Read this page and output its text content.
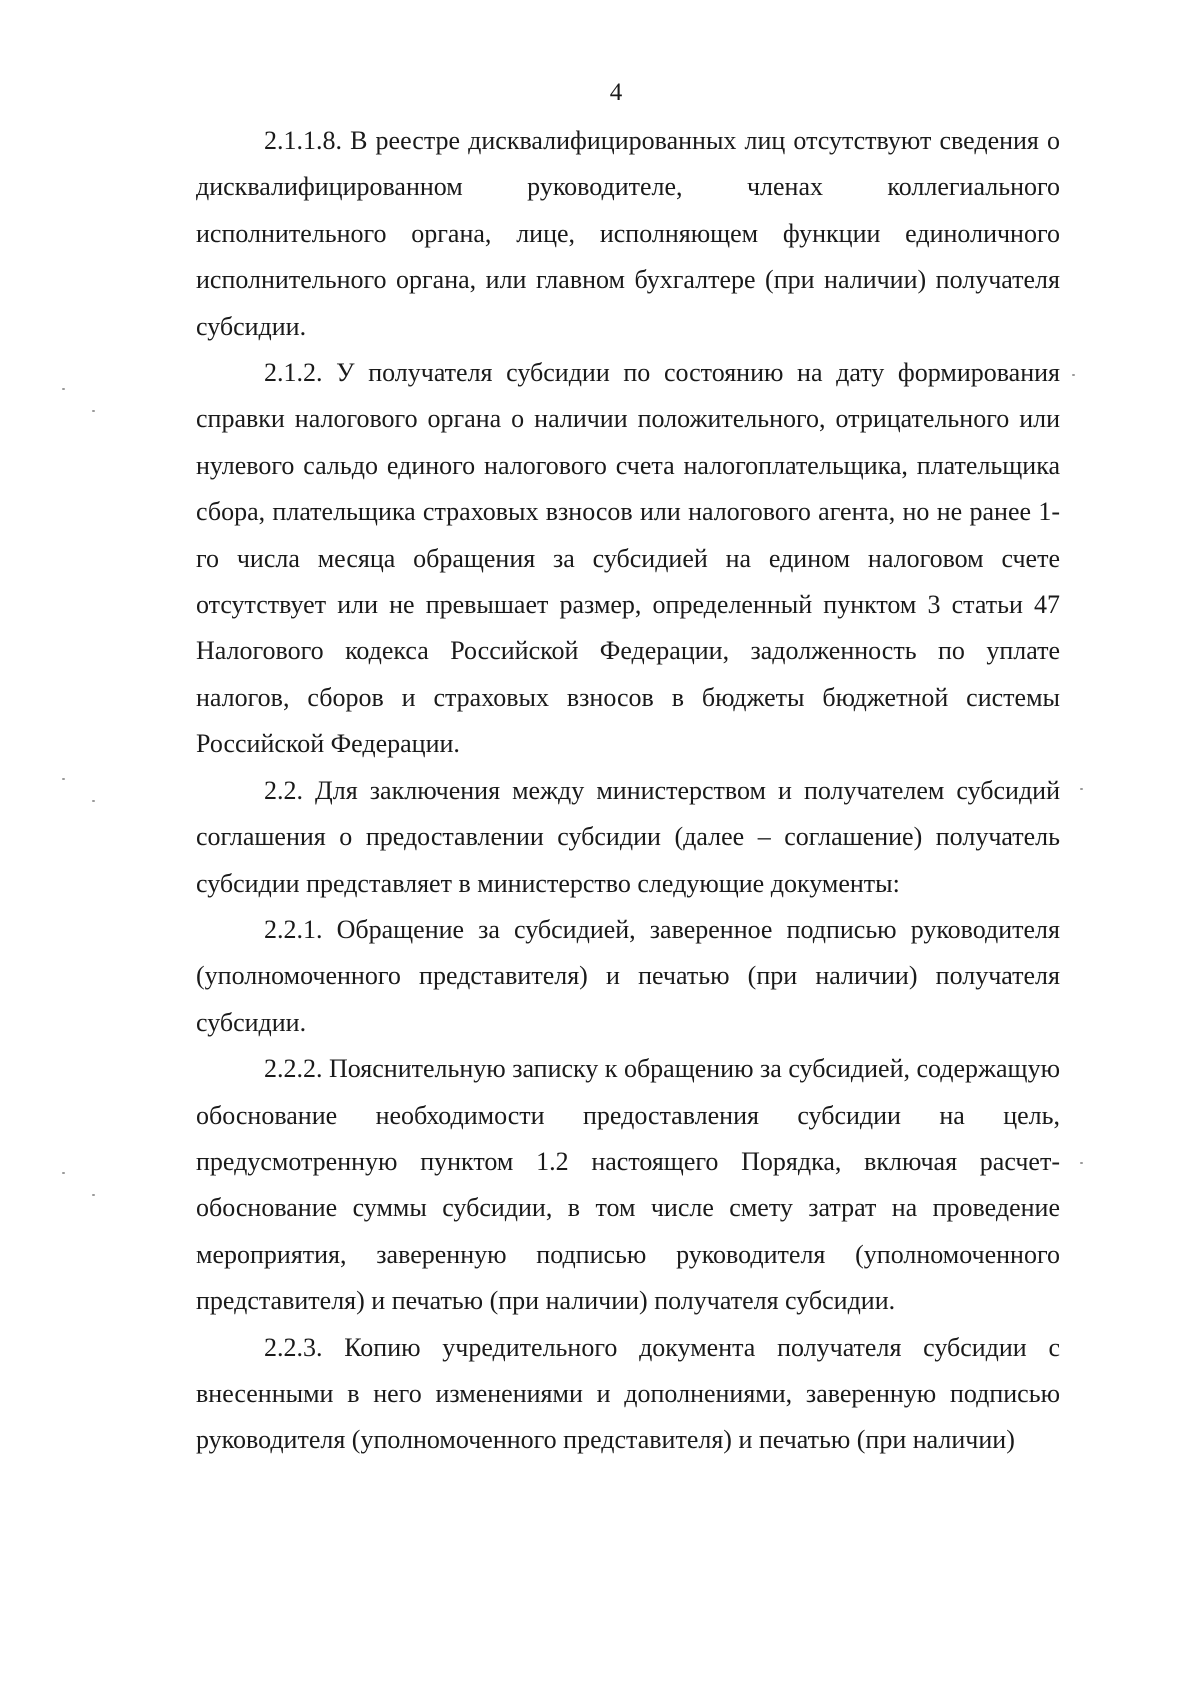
4

2.1.1.8. В реестре дисквалифицированных лиц отсутствуют сведения о дисквалифицированном руководителе, членах коллегиального исполнительного органа, лице, исполняющем функции единоличного исполнительного органа, или главном бухгалтере (при наличии) получателя субсидии.

2.1.2. У получателя субсидии по состоянию на дату формирования справки налогового органа о наличии положительного, отрицательного или нулевого сальдо единого налогового счета налогоплательщика, плательщика сбора, плательщика страховых взносов или налогового агента, но не ранее 1-го числа месяца обращения за субсидией на едином налоговом счете отсутствует или не превышает размер, определенный пунктом 3 статьи 47 Налогового кодекса Российской Федерации, задолженность по уплате налогов, сборов и страховых взносов в бюджеты бюджетной системы Российской Федерации.

2.2. Для заключения между министерством и получателем субсидий соглашения о предоставлении субсидии (далее – соглашение) получатель субсидии представляет в министерство следующие документы:

2.2.1. Обращение за субсидией, заверенное подписью руководителя (уполномоченного представителя) и печатью (при наличии) получателя субсидии.

2.2.2. Пояснительную записку к обращению за субсидией, содержащую обоснование необходимости предоставления субсидии на цель, предусмотренную пунктом 1.2 настоящего Порядка, включая расчет-обоснование суммы субсидии, в том числе смету затрат на проведение мероприятия, заверенную подписью руководителя (уполномоченного представителя) и печатью (при наличии) получателя субсидии.

2.2.3. Копию учредительного документа получателя субсидии с внесенными в него изменениями и дополнениями, заверенную подписью руководителя (уполномоченного представителя) и печатью (при наличии)
